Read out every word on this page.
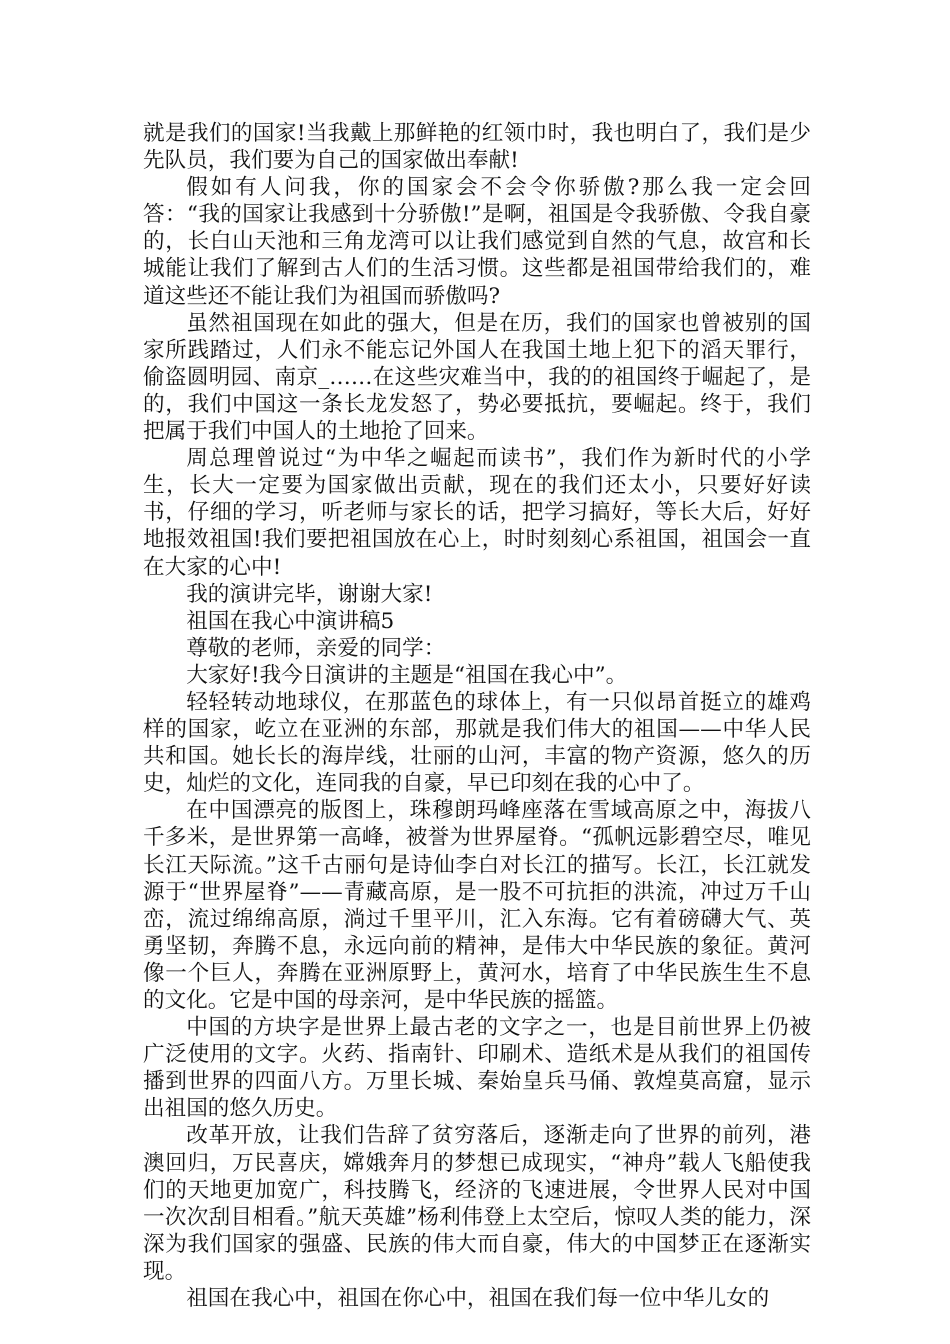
就是我们的国家!当我戴上那鲜艳的红领巾时，我也明白了，我们是少先队员，我们要为自己的国家做出奉献!

假如有人问我，你的国家会不会令你骄傲?那么我一定会回答：“我的国家让我感到十分骄傲!”是啊，祖国是令我骄傲、令我自豪的，长白山天池和三角龙湾可以让我们感觉到自然的气息，故宫和长城能让我们了解到古人们的生活习惯。这些都是祖国带给我们的，难道这些还不能让我们为祖国而骄傲吗?

虽然祖国现在如此的强大，但是在历，我们的国家也曾被别的国家所践踏过，人们永不能忘记外国人在我国土地上犯下的滔天罪行，偷盗圆明园、南京_……在这些灾难当中，我的的祖国终于崛起了，是的，我们中国这一条长龙发怒了，势必要抵抗，要崛起。终于，我们把属于我们中国人的土地抢了回来。

周总理曾说过“为中华之崛起而读书”，我们作为新时代的小学生，长大一定要为国家做出贡献，现在的我们还太小，只要好好读书，仔细的学习，听老师与家长的话，把学习搞好，等长大后，好好地报效祖国!我们要把祖国放在心上，时时刻刻心系祖国，祖国会一直在大家的心中!

我的演讲完毕，谢谢大家!

祖国在我心中演讲稿5

尊敬的老师，亲爱的同学：

大家好!我今日演讲的主题是“祖国在我心中”。

轻轻转动地球仪，在那蓝色的球体上，有一只似昂首挺立的雄鸡样的国家，屹立在亚洲的东部，那就是我们伟大的祖国——中华人民共和国。她长长的海岸线，壮丽的山河，丰富的物产资源，悠久的历史，灿烂的文化，连同我的自豪，早已印刻在我的心中了。

在中国漂亮的版图上，珠穆朗玛峰座落在雪域高原之中，海拔八千多米，是世界第一高峰，被誉为世界屋脊。“孤帆远影碧空尽，唯见长江天际流。”这千古丽句是诗仙李白对长江的描写。长江，长江就发源于“世界屋脊”——青藏高原，是一股不可抗拒的洪流，冲过万千山峦，流过绵绵高原，淌过千里平川，汇入东海。它有着磅礴大气、英勇坚韧，奔腾不息，永远向前的精神，是伟大中华民族的象征。黄河像一个巨人，奔腾在亚洲原野上，黄河水，培育了中华民族生生不息的文化。它是中国的母亲河，是中华民族的摇篮。

中国的方块字是世界上最古老的文字之一，也是目前世界上仍被广泛使用的文字。火药、指南针、印刷术、造纸术是从我们的祖国传播到世界的四面八方。万里长城、秦始皇兵马俑、敦煌莫高窟，显示出祖国的悠久历史。

改革开放，让我们告辞了贫穷落后，逐渐走向了世界的前列，港澳回归，万民喜庆，嫦娥奔月的梦想已成现实，“神舟”载人飞船使我们的天地更加宽广，科技腾飞，经济的飞速进展，令世界人民对中国一次次刮目相看。”航天英雄”杨利伟登上太空后，惊叹人类的能力，深深为我们国家的强盛、民族的伟大而自豪，伟大的中国梦正在逐渐实现。

祖国在我心中，祖国在你心中，祖国在我们每一位中华儿女的
